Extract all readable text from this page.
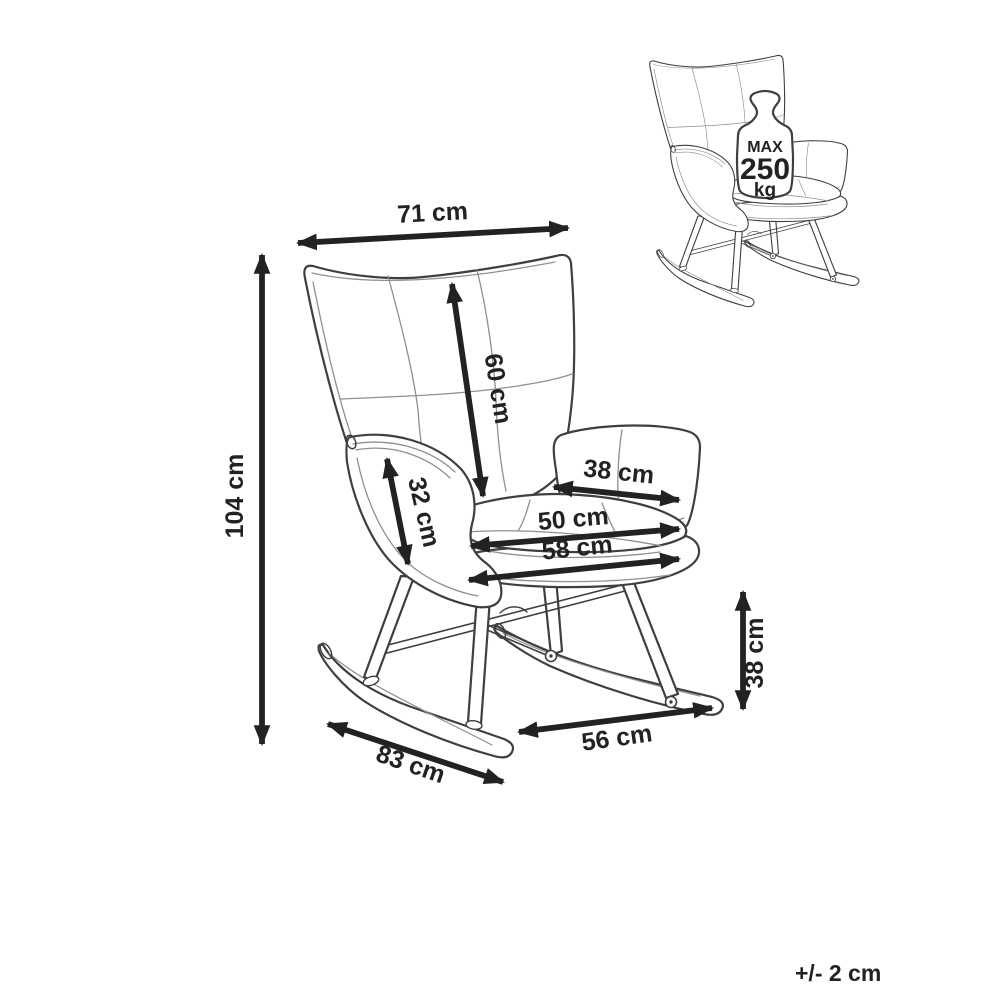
MAX
250
kg
71 cm
104 cm
60 cm
32 cm
38 cm
50 cm
58 cm
38 cm
56 cm
83 cm
+/- 2 cm
